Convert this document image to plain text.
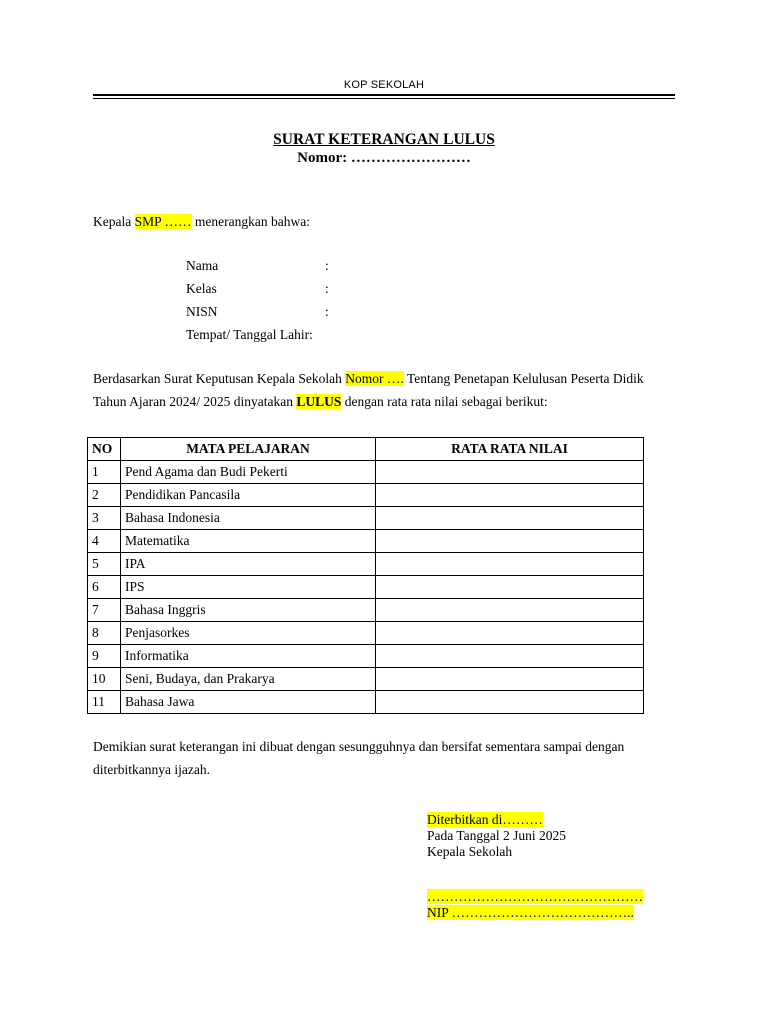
KOP SEKOLAH
SURAT KETERANGAN LULUS
Nomor: ……………………
Kepala SMP …… menerangkan bahwa:
Nama	:
Kelas	:
NISN	:
Tempat/ Tanggal Lahir:
Berdasarkan Surat Keputusan Kepala Sekolah Nomor …. Tentang Penetapan Kelulusan Peserta Didik Tahun Ajaran 2024/ 2025 dinyatakan LULUS dengan rata rata nilai sebagai berikut:
NO	MATA PELAJARAN	RATA RATA NILAI
1	Pend Agama dan Budi Pekerti	
2	Pendidikan Pancasila	
3	Bahasa Indonesia	
4	Matematika	
5	IPA	
6	IPS	
7	Bahasa Inggris	
8	Penjasorkes	
9	Informatika	
10	Seni, Budaya, dan Prakarya	
11	Bahasa Jawa	
Demikian surat keterangan ini dibuat dengan sesungguhnya dan bersifat sementara sampai dengan diterbitkannya ijazah.
Diterbitkan di………
Pada Tanggal 2 Juni 2025
Kepala Sekolah
…………………………………………
NIP …………………………………..
